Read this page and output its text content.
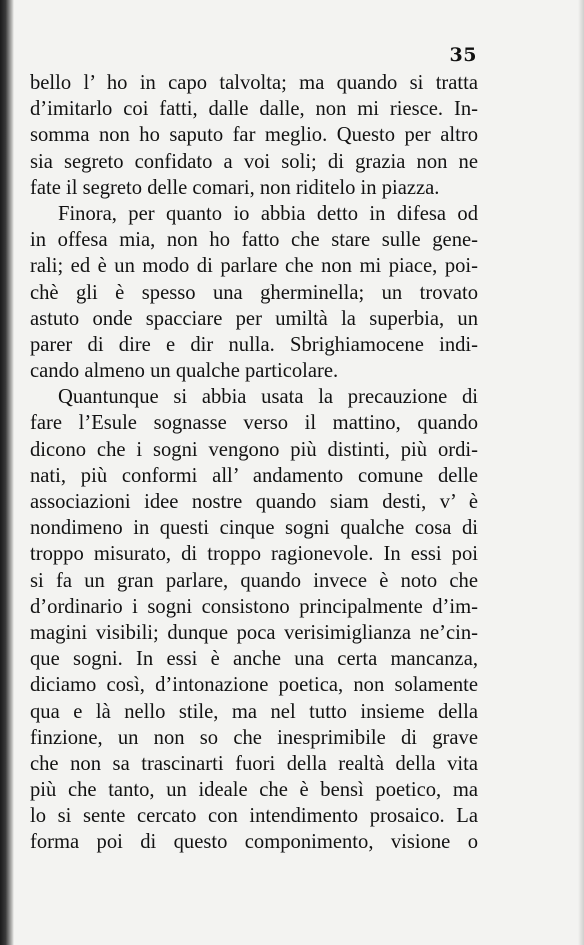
35
bello l’ ho in capo talvolta; ma quando si tratta
d’imitarlo coi fatti, dalle dalle, non mi riesce. In-
somma non ho saputo far meglio. Questo per altro
sia segreto confidato a voi soli; di grazia non ne
fate il segreto delle comari, non riditelo in piazza.
Finora, per quanto io abbia detto in difesa od
in offesa mia, non ho fatto che stare sulle gene-
rali; ed è un modo di parlare che non mi piace, poi-
chè gli è spesso una gherminella; un trovato
astuto onde spacciare per umiltà la superbia, un
parer di dire e dir nulla. Sbrighiamocene indi-
cando almeno un qualche particolare.
Quantunque si abbia usata la precauzione di
fare l’Esule sognasse verso il mattino, quando
dicono che i sogni vengono più distinti, più ordi-
nati, più conformi all’ andamento comune delle
associazioni idee nostre quando siam desti, v’ è
nondimeno in questi cinque sogni qualche cosa di
troppo misurato, di troppo ragionevole. In essi poi
si fa un gran parlare, quando invece è noto che
d’ordinario i sogni consistono principalmente d’im-
magini visibili; dunque poca verisimiglianza ne’cin-
que sogni. In essi è anche una certa mancanza,
diciamo così, d’intonazione poetica, non solamente
qua e là nello stile, ma nel tutto insieme della
finzione, un non so che inesprimibile di grave
che non sa trascinarti fuori della realtà della vita
più che tanto, un ideale che è bensì poetico, ma
lo si sente cercato con intendimento prosaico. La
forma poi di questo componimento, visione o
